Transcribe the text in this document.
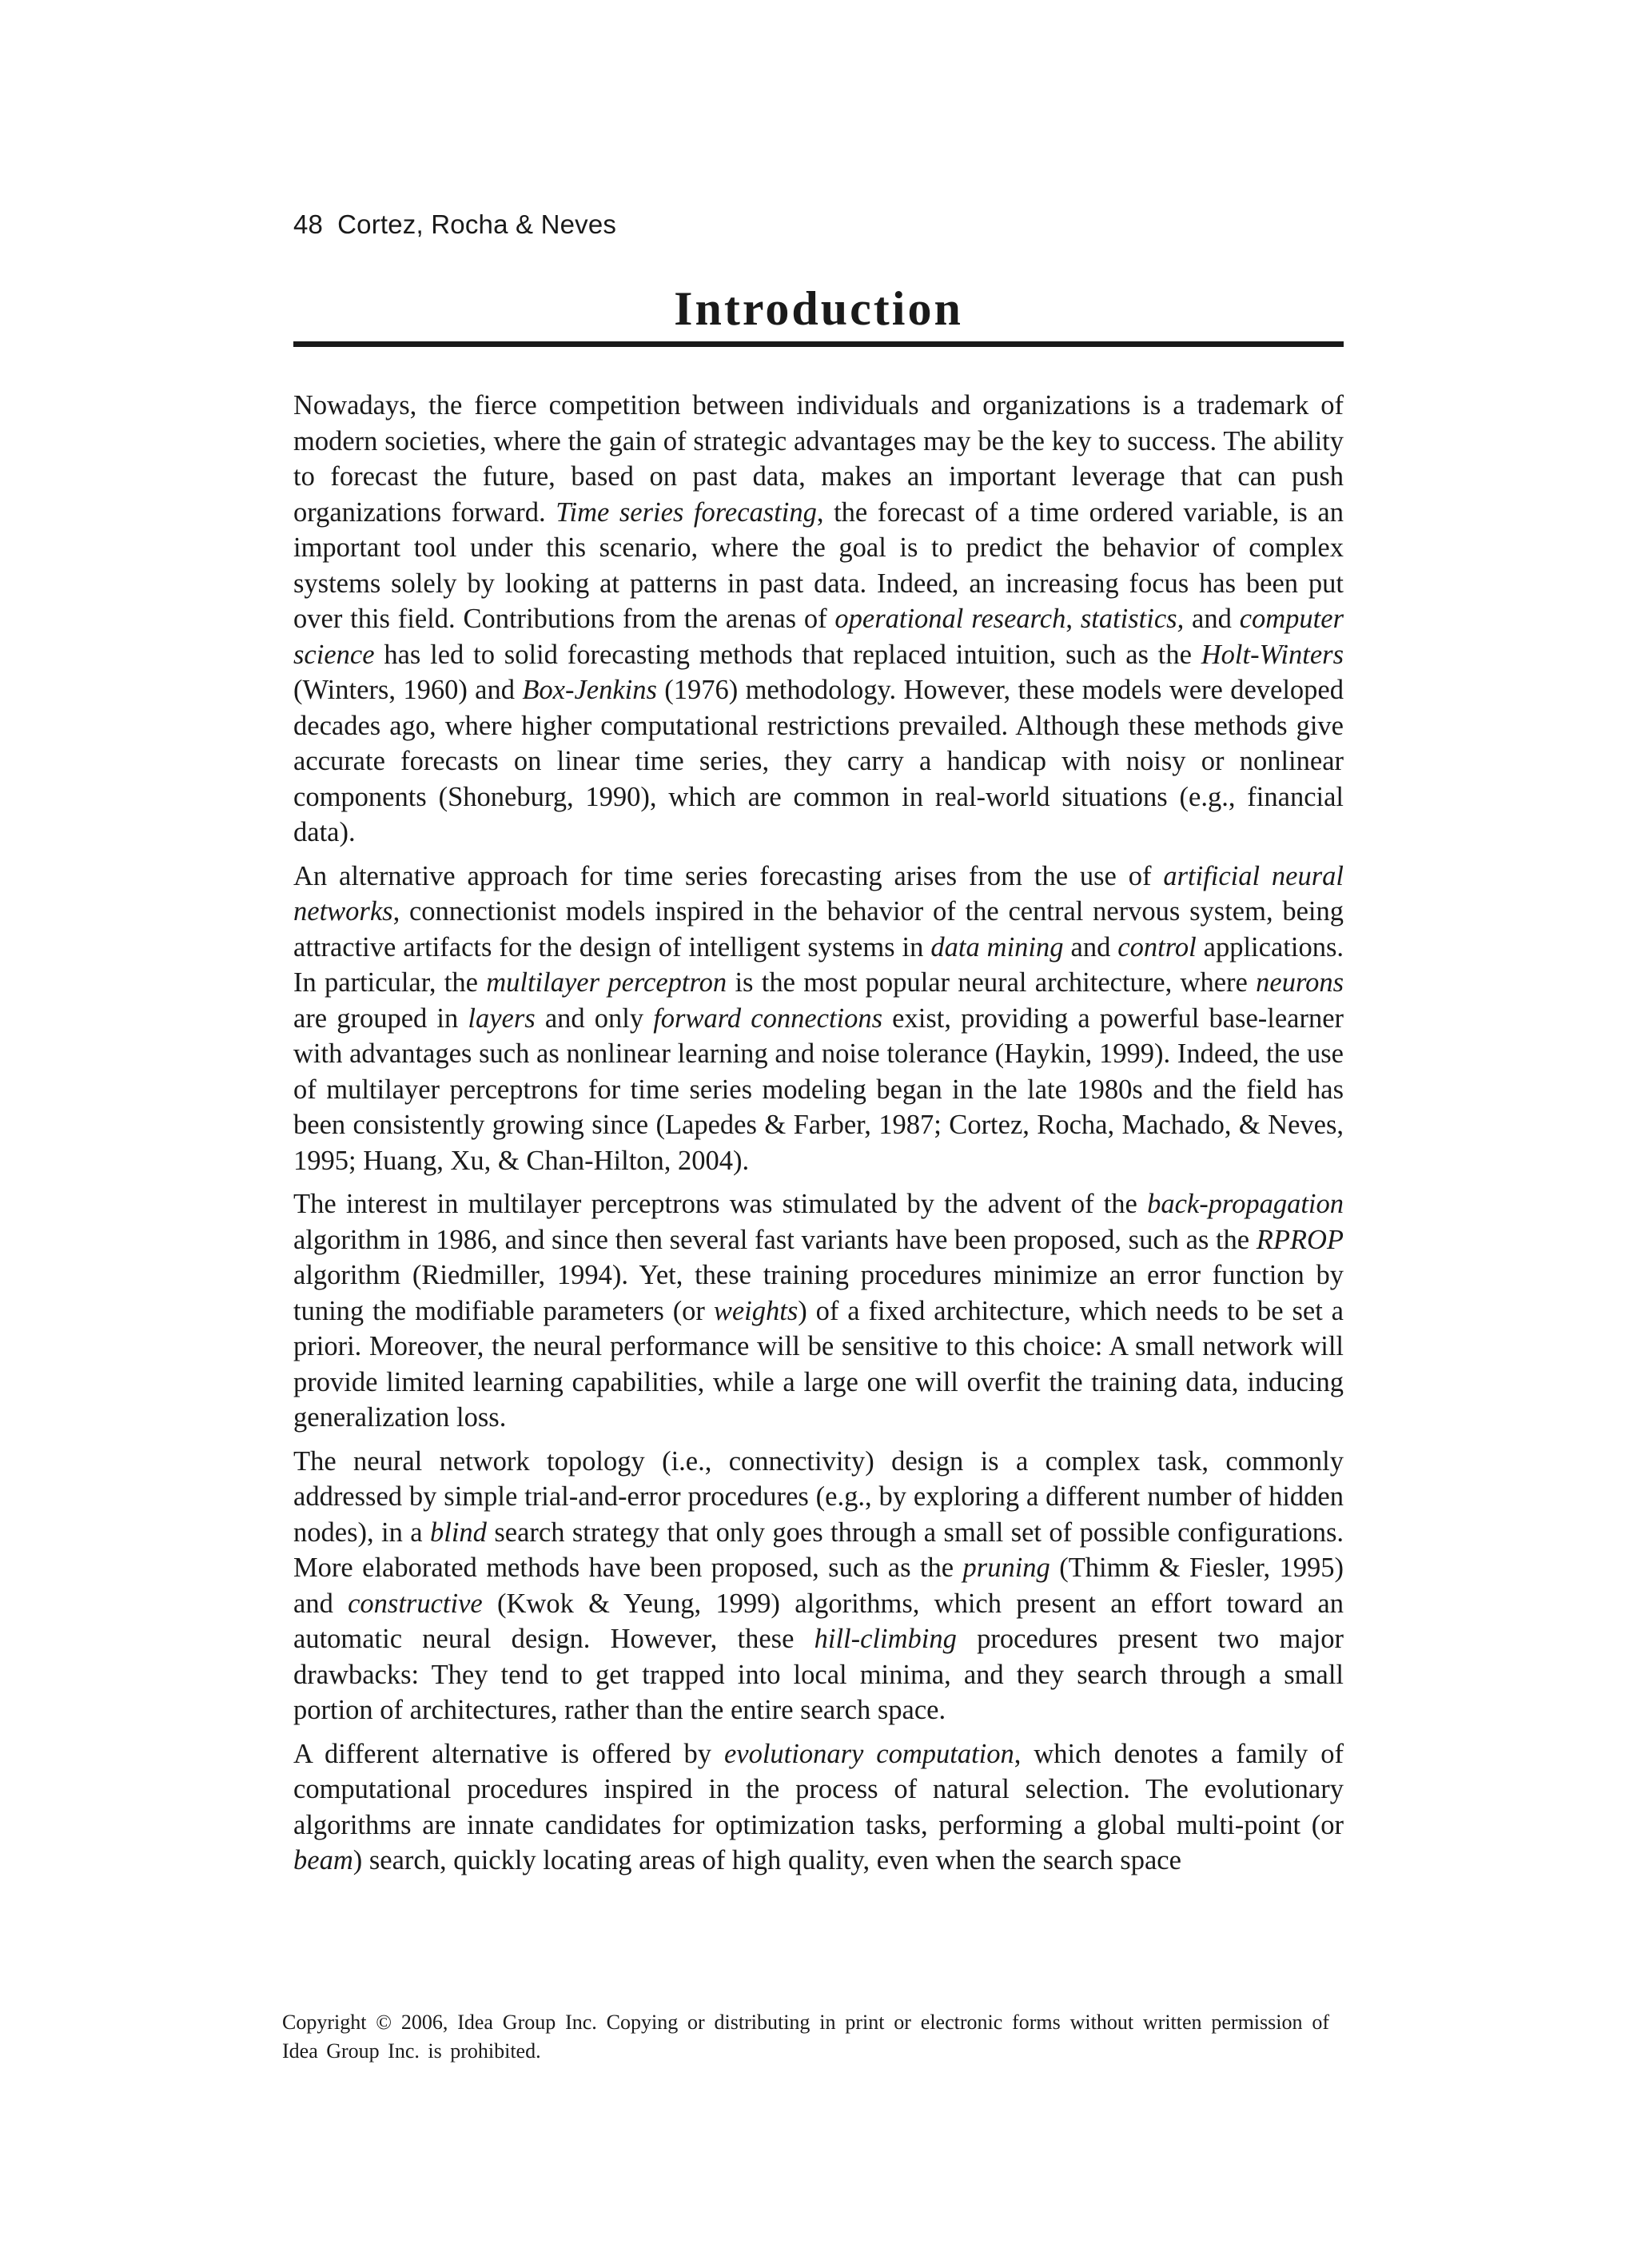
48 Cortez, Rocha & Neves
Introduction

Nowadays, the fierce competition between individuals and organizations is a trademark of modern societies, where the gain of strategic advantages may be the key to success. The ability to forecast the future, based on past data, makes an important leverage that can push organizations forward. Time series forecasting, the forecast of a time ordered variable, is an important tool under this scenario, where the goal is to predict the behavior of complex systems solely by looking at patterns in past data. Indeed, an increasing focus has been put over this field. Contributions from the arenas of operational research, statistics, and computer science has led to solid forecasting methods that replaced intuition, such as the Holt-Winters (Winters, 1960) and Box-Jenkins (1976) methodology. However, these models were developed decades ago, where higher computational restrictions prevailed. Although these methods give accurate forecasts on linear time series, they carry a handicap with noisy or nonlinear components (Shoneburg, 1990), which are common in real-world situations (e.g., financial data).

An alternative approach for time series forecasting arises from the use of artificial neural networks, connectionist models inspired in the behavior of the central nervous system, being attractive artifacts for the design of intelligent systems in data mining and control applications. In particular, the multilayer perceptron is the most popular neural architecture, where neurons are grouped in layers and only forward connections exist, providing a powerful base-learner with advantages such as nonlinear learning and noise tolerance (Haykin, 1999). Indeed, the use of multilayer perceptrons for time series modeling began in the late 1980s and the field has been consistently growing since (Lapedes & Farber, 1987; Cortez, Rocha, Machado, & Neves, 1995; Huang, Xu, & Chan-Hilton, 2004).

The interest in multilayer perceptrons was stimulated by the advent of the back-propagation algorithm in 1986, and since then several fast variants have been proposed, such as the RPROP algorithm (Riedmiller, 1994). Yet, these training procedures minimize an error function by tuning the modifiable parameters (or weights) of a fixed architecture, which needs to be set a priori. Moreover, the neural performance will be sensitive to this choice: A small network will provide limited learning capabilities, while a large one will overfit the training data, inducing generalization loss.

The neural network topology (i.e., connectivity) design is a complex task, commonly addressed by simple trial-and-error procedures (e.g., by exploring a different number of hidden nodes), in a blind search strategy that only goes through a small set of possible configurations. More elaborated methods have been proposed, such as the pruning (Thimm & Fiesler, 1995) and constructive (Kwok & Yeung, 1999) algorithms, which present an effort toward an automatic neural design. However, these hill-climbing procedures present two major drawbacks: They tend to get trapped into local minima, and they search through a small portion of architectures, rather than the entire search space.

A different alternative is offered by evolutionary computation, which denotes a family of computational procedures inspired in the process of natural selection. The evolutionary algorithms are innate candidates for optimization tasks, performing a global multi-point (or beam) search, quickly locating areas of high quality, even when the search space

Copyright © 2006, Idea Group Inc. Copying or distributing in print or electronic forms without written permission of Idea Group Inc. is prohibited.
